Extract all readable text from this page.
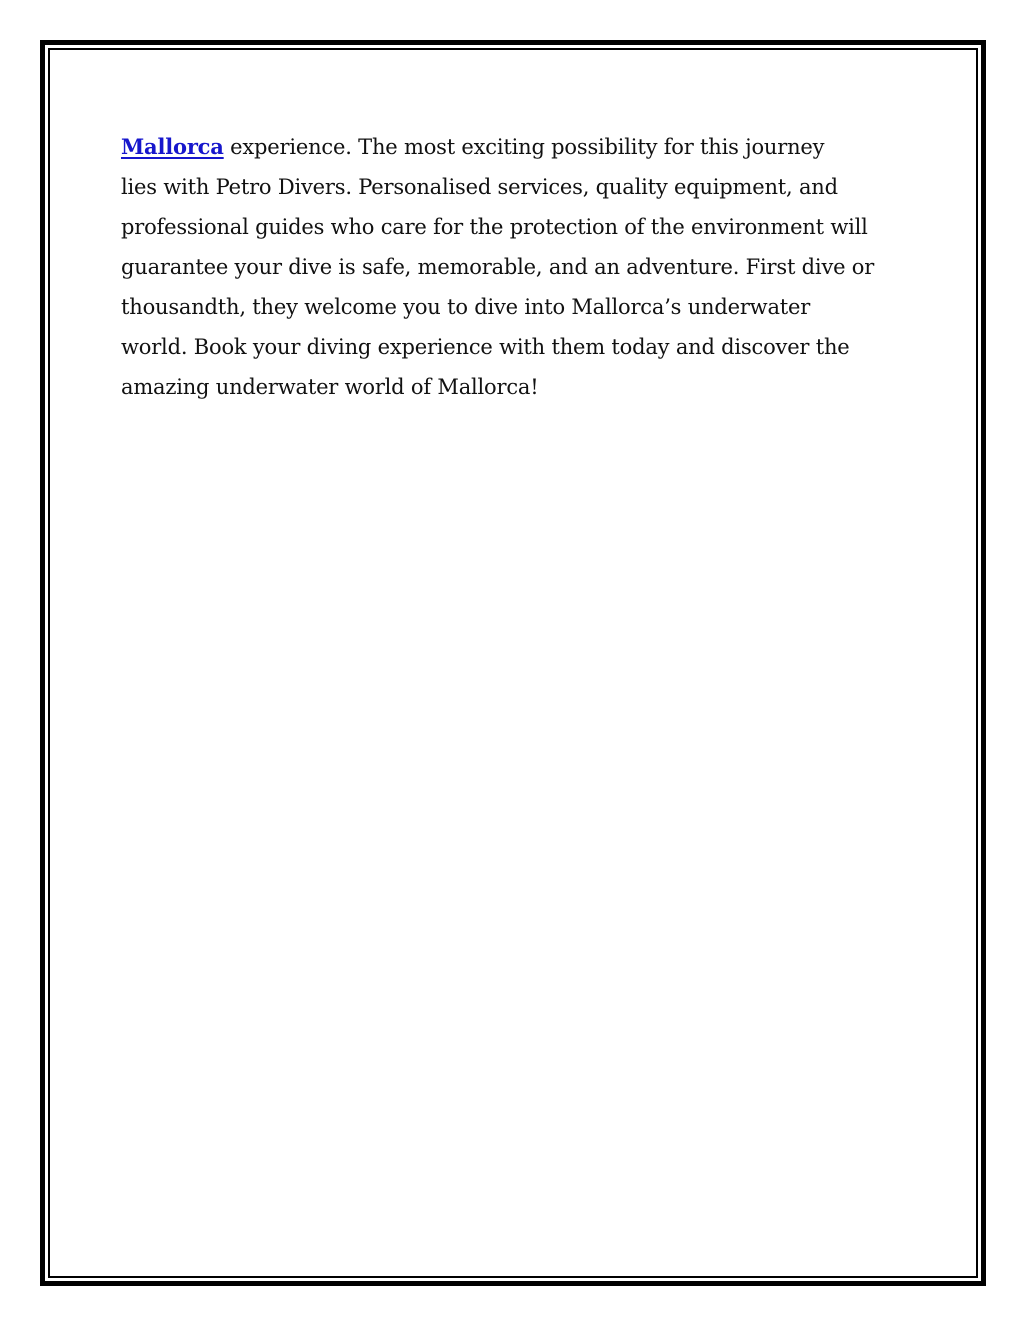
Mallorca experience. The most exciting possibility for this journey
lies with Petro Divers. Personalised services, quality equipment, and
professional guides who care for the protection of the environment will
guarantee your dive is safe, memorable, and an adventure. First dive or
thousandth, they welcome you to dive into Mallorca’s underwater
world. Book your diving experience with them today and discover the
amazing underwater world of Mallorca!
